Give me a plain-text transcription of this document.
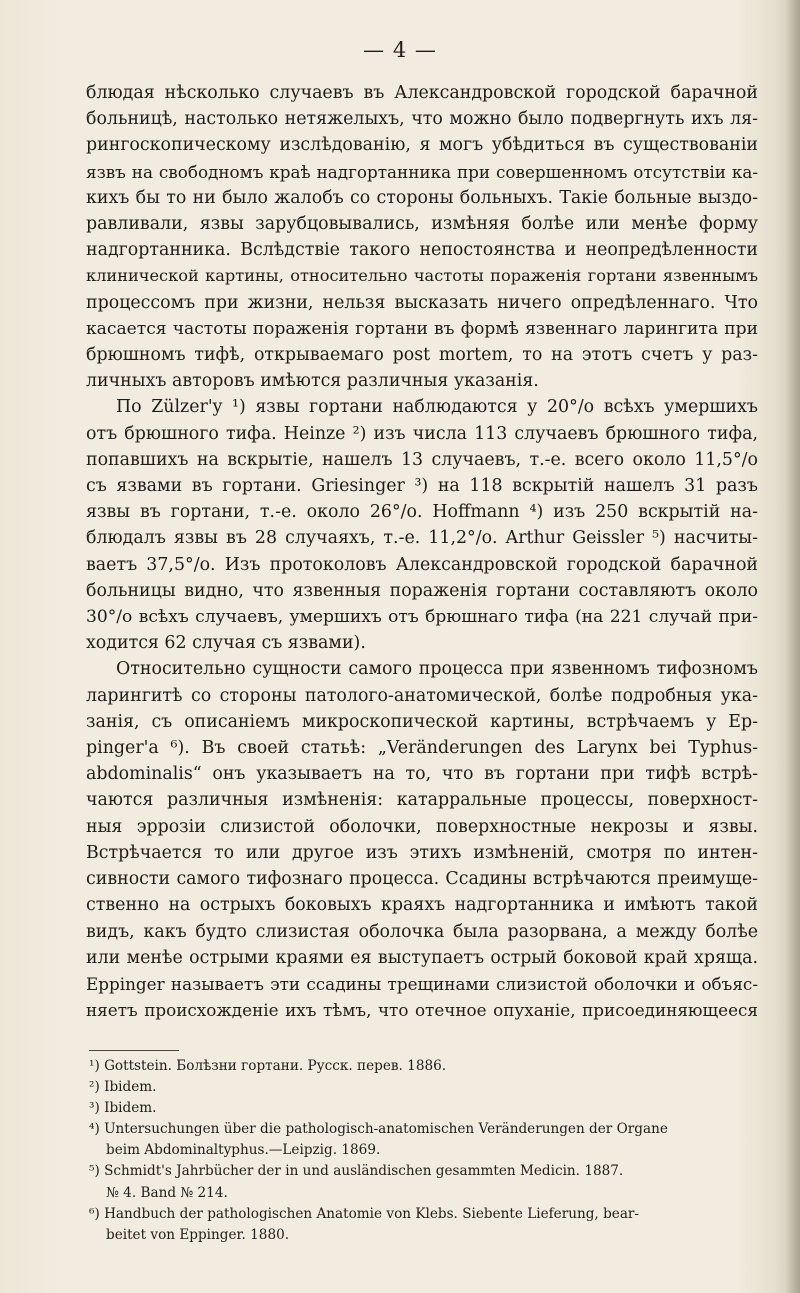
— 4 —
блюдая нѣсколько случаевъ въ Александровской городской барачной
больницѣ, настолько нетяжелыхъ, что можно было подвергнуть ихъ ля-
рингоскопическому изслѣдованію, я могъ убѣдиться въ существованіи
язвъ на свободномъ краѣ надгортанника при совершенномъ отсутствіи ка-
кихъ бы то ни было жалобъ со стороны больныхъ. Такіе больные выздо-
равливали, язвы зарубцовывались, измѣняя болѣе или менѣе форму
надгортанника. Вслѣдствіе такого непостоянства и неопредѣленности
клинической картины, относительно частоты пораженія гортани язвеннымъ
процессомъ при жизни, нельзя высказать ничего опредѣленнаго. Что
касается частоты пораженія гортани въ формѣ язвеннаго ларингита при
брюшномъ тифѣ, открываемаго post mortem, то на этотъ счетъ у раз-
личныхъ авторовъ имѣются различныя указанія.
По Zülzer'y ¹) язвы гортани наблюдаются у 20°/о всѣхъ умершихъ
отъ брюшного тифа. Heinze ²) изъ числа 113 случаевъ брюшного тифа,
попавшихъ на вскрытіе, нашелъ 13 случаевъ, т.-е. всего около 11,5°/о
съ язвами въ гортани. Griesinger ³) на 118 вскрытій нашелъ 31 разъ
язвы въ гортани, т.-е. около 26°/о. Hoffmann ⁴) изъ 250 вскрытій на-
блюдалъ язвы въ 28 случаяхъ, т.-е. 11,2°/о. Arthur Geissler ⁵) насчиты-
ваетъ 37,5°/о. Изъ протоколовъ Александровской городской барачной
больницы видно, что язвенныя пораженія гортани составляютъ около
30°/о всѣхъ случаевъ, умершихъ отъ брюшнаго тифа (на 221 случай при-
ходится 62 случая съ язвами).
Относительно сущности самого процесса при язвенномъ тифозномъ
ларингитѣ со стороны патолого-анатомической, болѣе подробныя ука-
занія, съ описаніемъ микроскопической картины, встрѣчаемъ у Ер-
pinger'a ⁶). Въ своей статьѣ: „Veränderungen des Larynx bei Typhus-
abdominalis“ онъ указываетъ на то, что въ гортани при тифѣ встрѣ-
чаются различныя измѣненія: катарральные процессы, поверхност-
ныя эррозіи слизистой оболочки, поверхностные некрозы и язвы.
Встрѣчается то или другое изъ этихъ измѣненій, смотря по интен-
сивности самого тифознаго процесса. Ссадины встрѣчаются преимуще-
ственно на острыхъ боковыхъ краяхъ надгортанника и имѣютъ такой
видъ, какъ будто слизистая оболочка была разорвана, а между болѣе
или менѣе острыми краями ея выступаетъ острый боковой край хряща.
Eppinger называетъ эти ссадины трещинами слизистой оболочки и объяс-
няетъ происхожденіе ихъ тѣмъ, что отечное опуханіе, присоединяющееся
¹) Gottstein. Болѣзни гортани. Русск. перев. 1886.
²) Ibidem.
³) Ibidem.
⁴) Untersuchungen über die pathologisch-anatomischen Veränderungen der Organe
beim Abdominaltyphus.—Leipzig. 1869.
⁵) Schmidt's Jahrbücher der in und ausländischen gesammten Medicin. 1887.
№ 4. Band № 214.
⁶) Handbuch der pathologischen Anatomie von Klebs. Siebente Lieferung, bear-
beitet von Eppinger. 1880.
